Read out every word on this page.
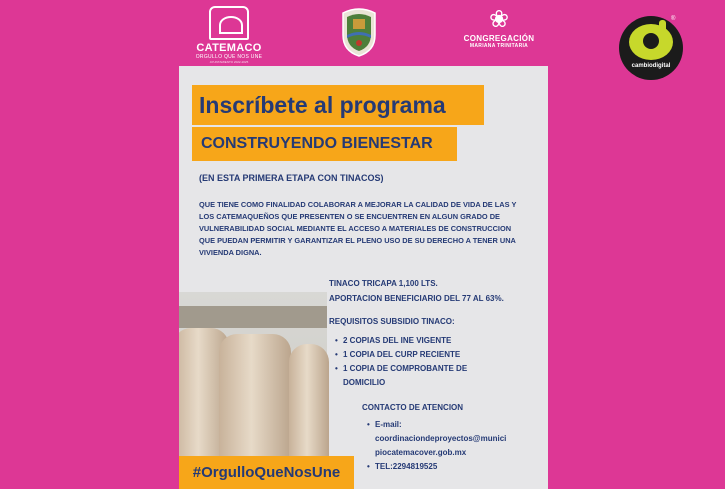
CATEMACO
ORGULLO QUE NOS UNE
AYUNTAMIENTO 2022-2025
❀
CONGREGACIÓN
MARIANA TRINITARIA
Inscríbete al programa
CONSTRUYENDO BIENESTAR
(EN ESTA PRIMERA ETAPA CON TINACOS)
QUE TIENE COMO FINALIDAD COLABORAR A MEJORAR LA CALIDAD DE VIDA DE LAS Y LOS CATEMAQUEÑOS QUE PRESENTEN O SE ENCUENTREN EN ALGUN GRADO DE VULNERABILIDAD SOCIAL MEDIANTE EL ACCESO A MATERIALES DE CONSTRUCCION QUE PUEDAN PERMITIR Y GARANTIZAR EL PLENO USO DE SU DERECHO A TENER UNA VIVIENDA DIGNA.
TINACO TRICAPA 1,100 LTS.
APORTACION BENEFICIARIO DEL 77 AL 63%.
REQUISITOS SUBSIDIO TINACO:
• 2 COPIAS DEL INE VIGENTE
• 1 COPIA DEL CURP RECIENTE
• 1 COPIA DE COMPROBANTE DE
DOMICILIO
CONTACTO DE ATENCION
• E-mail:
coordinaciondeproyectos@munici
piocatemacover.gob.mx
• TEL:2294819525
#OrgulloQueNosUne
®
cambiodigital
